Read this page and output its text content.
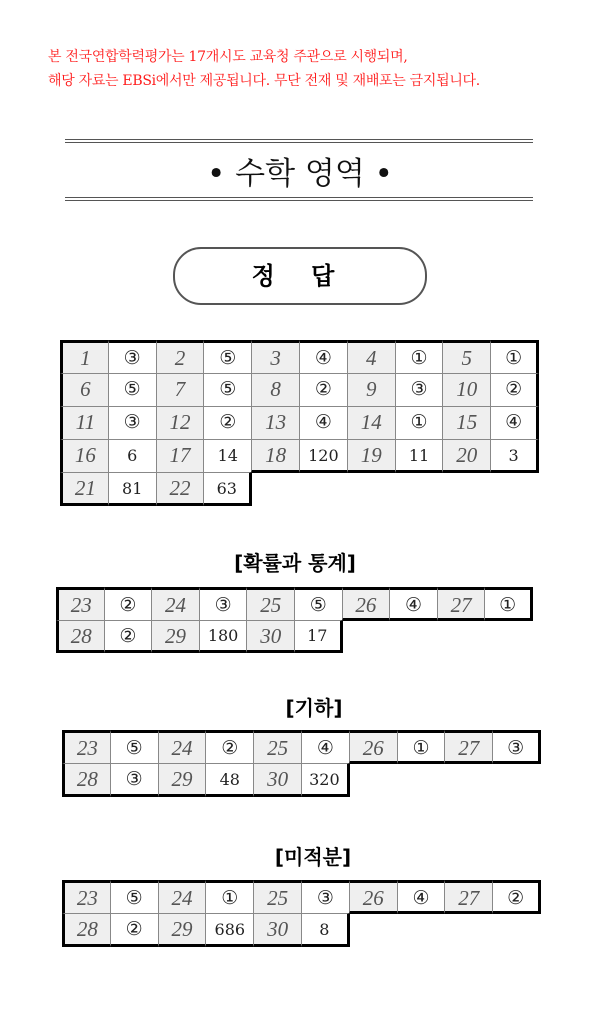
본 전국연합학력평가는 17개시도 교육청 주관으로 시행되며,
해당 자료는 EBSi에서만 제공됩니다. 무단 전재 및 재배포는 금지됩니다.
• 수학 영역 •
정 답
1	③	2	⑤	3	④	4	①	5	①
6	⑤	7	⑤	8	②	9	③	10	②
11	③	12	②	13	④	14	①	15	④
16	6	17	14	18	120	19	11	20	3
21	81	22	63
[확률과 통계]
23	②	24	③	25	⑤	26	④	27	①
28	②	29	180	30	17
[기하]
23	⑤	24	②	25	④	26	①	27	③
28	③	29	48	30	320
[미적분]
23	⑤	24	①	25	③	26	④	27	②
28	②	29	686	30	8
